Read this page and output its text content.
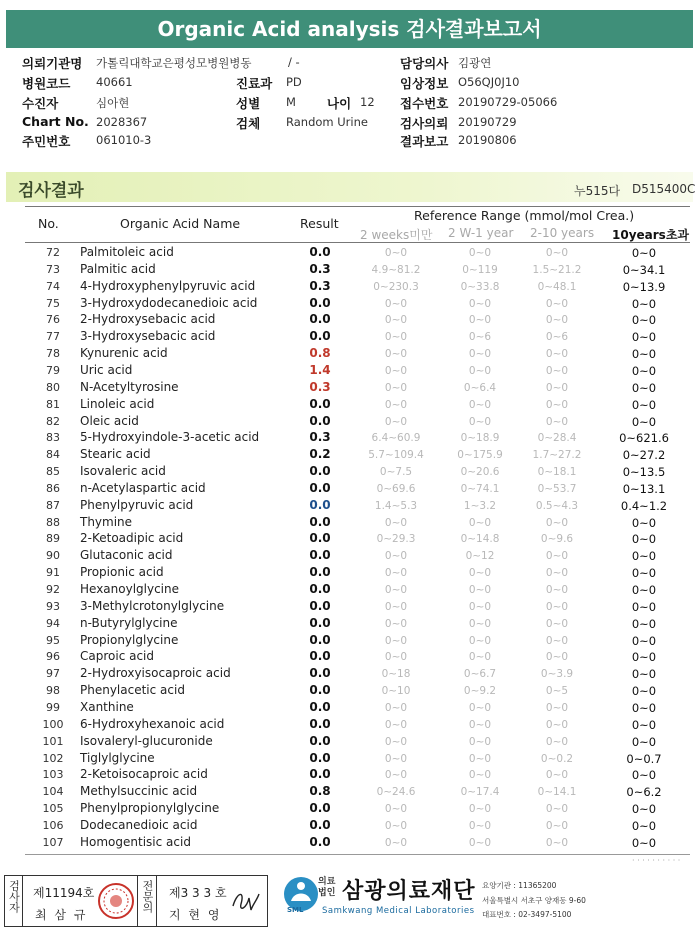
Organic Acid analysis 검사결과보고서
의뢰기관명 가톨릭대학교은평성모병원병동	/ -
병원코드 40661
수진자	심아현
Chart No. 2028367
주민번호 061010-3
진료과 PD
성별 M 나이 12
검체 Random Urine
담당의사 김광연
임상정보 O56QJ0J10
접수번호 20190729-05066
검사의뢰 20190729
결과보고 20190806
검사결과	누515다 D515400C
No.	Organic Acid Name	Result
Reference Range (mmol/mol Crea.)
2 weeks미만 2 W-1 year 2-10 years 10years초과
72	Palmitoleic acid	0.0	0~0	0~0	0~0	0~0
73	Palmitic acid	0.3	4.9~81.2	0~119	1.5~21.2	0~34.1
74	4-Hydroxyphenylpyruvic acid	0.3	0~230.3	0~33.8	0~48.1	0~13.9
75	3-Hydroxydodecanedioic acid	0.0	0~0	0~0	0~0	0~0
76	2-Hydroxysebacic acid	0.0	0~0	0~0	0~0	0~0
77	3-Hydroxysebacic acid	0.0	0~0	0~6	0~6	0~0
78	Kynurenic acid	0.8	0~0	0~0	0~0	0~0
79	Uric acid	1.4	0~0	0~0	0~0	0~0
80	N-Acetyltyrosine	0.3	0~0	0~6.4	0~0	0~0
81	Linoleic acid	0.0	0~0	0~0	0~0	0~0
82	Oleic acid	0.0	0~0	0~0	0~0	0~0
83	5-Hydroxyindole-3-acetic acid	0.3	6.4~60.9	0~18.9	0~28.4	0~621.6
84	Stearic acid	0.2	5.7~109.4	0~175.9	1.7~27.2	0~27.2
85	Isovaleric acid	0.0	0~7.5	0~20.6	0~18.1	0~13.5
86	n-Acetylaspartic acid	0.0	0~69.6	0~74.1	0~53.7	0~13.1
87	Phenylpyruvic acid	0.0	1.4~5.3	1~3.2	0.5~4.3	0.4~1.2
88	Thymine	0.0	0~0	0~0	0~0	0~0
89	2-Ketoadipic acid	0.0	0~29.3	0~14.8	0~9.6	0~0
90	Glutaconic acid	0.0	0~0	0~12	0~0	0~0
91	Propionic acid	0.0	0~0	0~0	0~0	0~0
92	Hexanoylglycine	0.0	0~0	0~0	0~0	0~0
93	3-Methylcrotonylglycine	0.0	0~0	0~0	0~0	0~0
94	n-Butyrylglycine	0.0	0~0	0~0	0~0	0~0
95	Propionylglycine	0.0	0~0	0~0	0~0	0~0
96	Caproic acid	0.0	0~0	0~0	0~0	0~0
97	2-Hydroxyisocaproic acid	0.0	0~18	0~6.7	0~3.9	0~0
98	Phenylacetic acid	0.0	0~10	0~9.2	0~5	0~0
99	Xanthine	0.0	0~0	0~0	0~0	0~0
100 6-Hydroxyhexanoic acid	0.0	0~0	0~0	0~0	0~0
101 Isovaleryl-glucuronide	0.0	0~0	0~0	0~0	0~0
102 Tiglylglycine	0.0	0~0	0~0	0~0.2	0~0.7
103 2-Ketoisocaproic acid	0.0	0~0	0~0	0~0	0~0
104 Methylsuccinic acid	0.8	0~24.6	0~17.4	0~14.1	0~6.2
105 Phenylpropionylglycine	0.0	0~0	0~0	0~0	0~0
106 Dodecanedioic acid	0.0	0~0	0~0	0~0	0~0
107 Homogentisic acid	0.0	0~0	0~0	0~0	0~0
· · · · · · · · · ·
검사자 제11194호
최 삼 규
전문의 제3 3 3 호
지 현 영	SML
의료
법인 삼광의료재단
Samkwang Medical Laboratories
요양기관 : 11365200
서울특별시 서초구 양재동 9-60
대표번호 : 02-3497-5100
